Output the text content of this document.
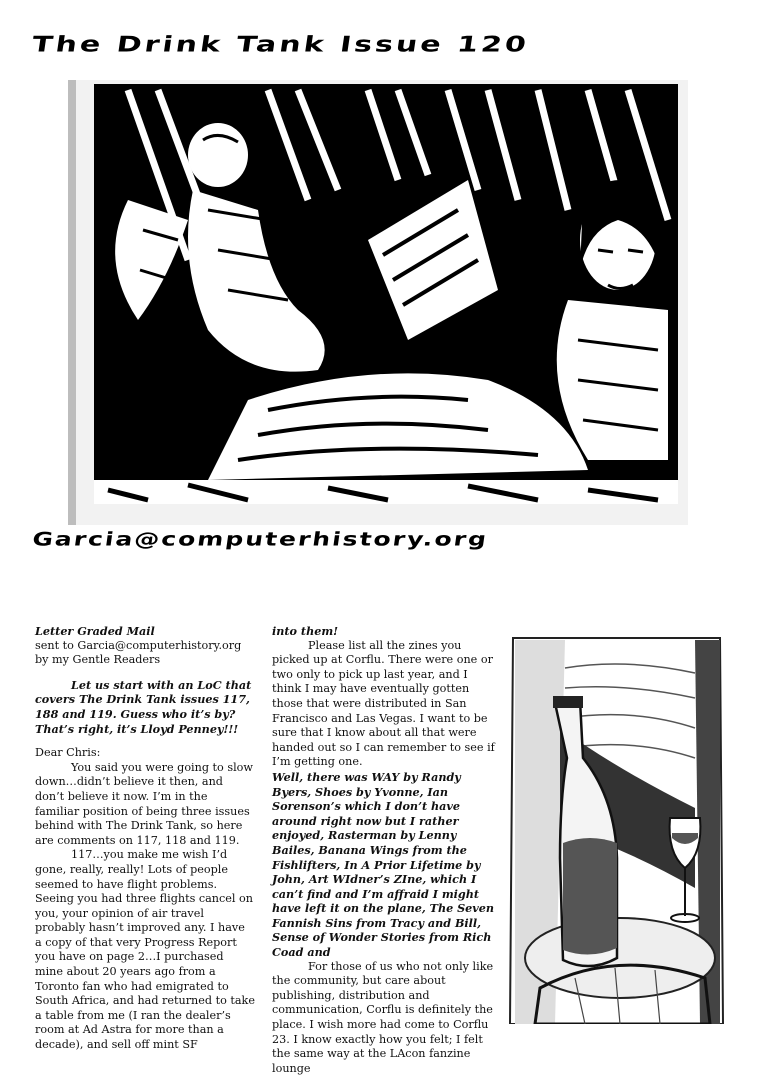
The Drink Tank Issue 120
Garcia@computerhistory.org

Letter Graded Mail

sent to Garcia@computerhistory.org

by my Gentle Readers

Let us start with an LoC that covers The Drink Tank issues 117, 188 and 119. Guess who it’s by? That’s right, it’s Lloyd Penney!!!

Dear Chris:

You said you were going to slow down…didn’t believe it then, and don’t believe it now. I’m in the familiar position of being three issues behind with The Drink Tank, so here are comments on 117, 118 and 119.

117…you make me wish I’d gone, really, really! Lots of people seemed to have flight problems. Seeing you had three flights cancel on you, your opinion of air travel probably hasn’t improved any. I have a copy of that very Progress Report you have on page 2…I purchased mine about 20 years ago from a Toronto fan who had emigrated to South Africa, and had returned to take a table from me (I ran the dealer’s room at Ad Astra for more than a decade), and sell off mint SF

into them!

Please list all the zines you picked up at Corflu. There were one or two only to pick up last year, and I think I may have eventually gotten those that were distributed in San Francisco and Las Vegas. I want to be sure that I know about all that were handed out so I can remember to see if I’m getting one.

Well, there was WAY by Randy Byers, Shoes by Yvonne, Ian Sorenson’s which I don’t have around right now but I rather enjoyed, Rasterman by Lenny Bailes, Banana Wings from the Fishlifters, In A Prior Lifetime by John, Art WIdner’s ZIne, which I can’t find and I’m affraid I might have left it on the plane, The Seven Fannish Sins from Tracy and Bill, Sense of Wonder Stories from Rich Coad and

For those of us who not only like the community, but care about publishing, distribution and communication, Corflu is definitely the place. I wish more had come to Corflu 23. I know exactly how you felt; I felt the same way at the LAcon fanzine lounge
